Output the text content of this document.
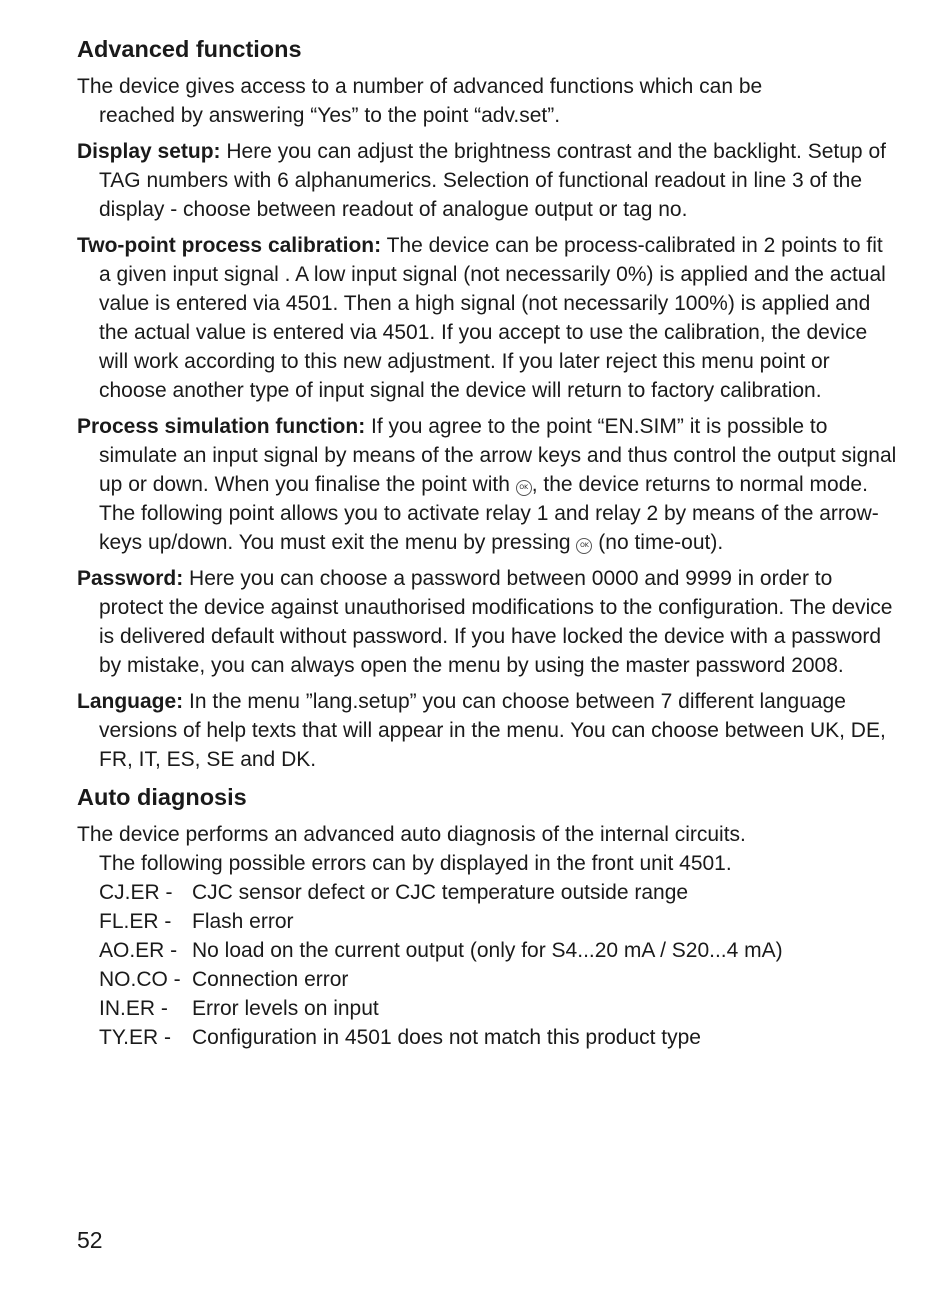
Advanced functions
The device gives access to a number of advanced functions which can be
reached by answering “Yes” to the point “adv.set”.

Display setup: Here you can adjust the brightness contrast and the backlight. Setup of TAG numbers with 6 alphanumerics. Selection of functional readout in line 3 of the display - choose between readout of analogue output or tag no.

Two-point process calibration: The device can be process-calibrated in 2 points to fit a given input signal . A low input signal (not necessarily 0%) is applied and the actual value is entered via 4501. Then a high signal (not necessarily 100%) is applied and the actual value is entered via 4501. If you accept to use the calibration, the device will work according to this new adjustment. If you later reject this menu point or choose another type of input signal the device will return to factory calibration.

Process simulation function: If you agree to the point “EN.SIM” it is possible to simulate an input signal by means of the arrow keys and thus control the output signal up or down. When you finalise the point with OK , the device returns to normal mode. The following point allows you to activate relay 1 and relay 2 by means of the arrow-keys up/down. You must exit the menu by pressing OK (no time-out).

Password: Here you can choose a password between 0000 and 9999 in order to protect the device against unauthorised modifications to the configuration. The device is delivered default without password. If you have locked the device with a password by mistake, you can always open the menu by using the master password 2008.

Language: In the menu ”lang.setup” you can choose between 7 different language versions of help texts that will appear in the menu. You can choose between UK, DE, FR, IT, ES, SE and DK.

Auto diagnosis
The device performs an advanced auto diagnosis of the internal circuits.
The following possible errors can by displayed in the front unit 4501.
CJ.ER - CJC sensor defect or CJC temperature outside range
FL.ER - Flash error
AO.ER - No load on the current output (only for S4...20 mA / S20...4 mA)
NO.CO - Connection error
IN.ER -	Error levels on input
TY.ER -	Configuration in 4501 does not match this product type
52
